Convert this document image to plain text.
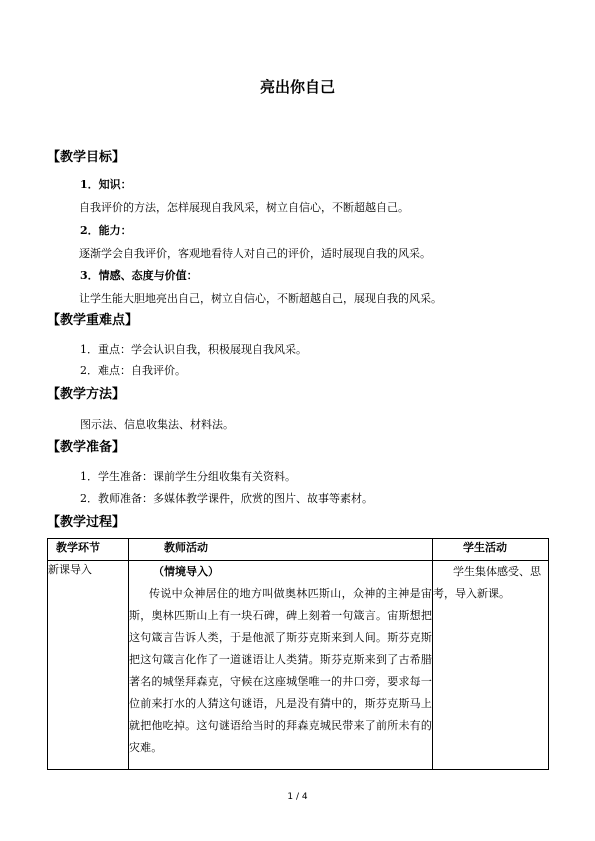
亮出你自己
【教学目标】
1．知识：
自我评价的方法，怎样展现自我风采，树立自信心，不断超越自己。
2．能力：
逐渐学会自我评价，客观地看待人对自己的评价，适时展现自我的风采。
3．情感、态度与价值：
让学生能大胆地亮出自己，树立自信心，不断超越自己，展现自我的风采。
【教学重难点】
1．重点：学会认识自我，积极展现自我风采。
2．难点：自我评价。
【教学方法】
图示法、信息收集法、材料法。
【教学准备】
1．学生准备：课前学生分组收集有关资料。
2．教师准备：多媒体教学课件，欣赏的图片、故事等素材。
【教学过程】
教学环节	教师活动	学生活动
新课导入	（情境导入）
传说中众神居住的地方叫做奥林匹斯山，众神的主神是宙斯，奥林匹斯山上有一块石碑，碑上刻着一句箴言。宙斯想把这句箴言告诉人类，于是他派了斯芬克斯来到人间。斯芬克斯把这句箴言化作了一道谜语让人类猜。斯芬克斯来到了古希腊著名的城堡拜森克，守候在这座城堡唯一的井口旁，要求每一位前来打水的人猜这句谜语，凡是没有猜中的，斯芬克斯马上就把他吃掉。这句谜语给当时的拜森克城民带来了前所未有的灾难。	学生集体感受、思考，导入新课。
1 / 4
